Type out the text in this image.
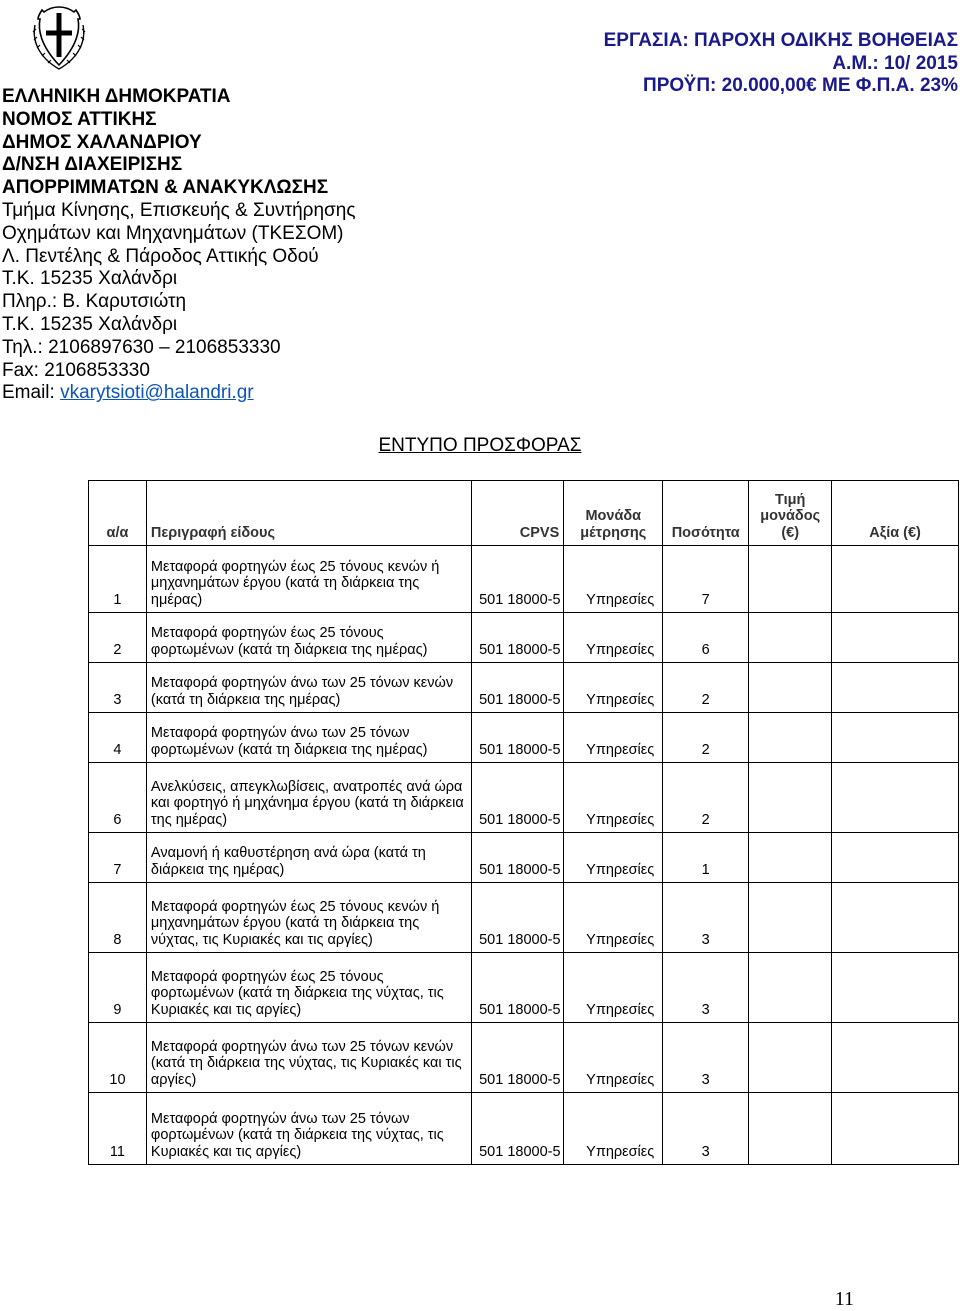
ΕΛΛΗΝΙΚΗ ΔΗΜΟΚΡΑΤΙΑ
ΝΟΜΟΣ ΑΤΤΙΚΗΣ
ΔΗΜΟΣ ΧΑΛΑΝΔΡΙΟΥ
Δ/ΝΣΗ ΔΙΑΧΕΙΡΙΣΗΣ
ΑΠΟΡΡΙΜΜΑΤΩΝ & ΑΝΑΚΥΚΛΩΣΗΣ
Τμήμα Κίνησης, Επισκευής & Συντήρησης
Οχημάτων και Μηχανημάτων (ΤΚΕΣΟΜ)
Λ. Πεντέλης & Πάροδος Αττικής Οδού
Τ.Κ. 15235 Χαλάνδρι
Πληρ.: Β. Καρυτσιώτη
Τ.Κ. 15235 Χαλάνδρι
Τηλ.: 2106897630 – 2106853330
Fax: 2106853330
Email: vkarytsioti@halandri.gr
ΕΡΓΑΣΙΑ: ΠΑΡΟΧΗ ΟΔΙΚΗΣ ΒΟΗΘΕΙΑΣ
Α.Μ.: 10/ 2015
ΠΡΟΫΠ: 20.000,00€ ΜΕ Φ.Π.Α. 23%
ΕΝΤΥΠΟ ΠΡΟΣΦΟΡΑΣ
α/α	Περιγραφή είδους	CPVS	Μονάδα μέτρησης	Ποσότητα	Τιμή μονάδος (€)	Αξία (€)
1	Μεταφορά φορτηγών έως 25 τόνους κενών ή μηχανημάτων έργου (κατά τη διάρκεια της ημέρας)	501 18000-5	Υπηρεσίες	7		
2	Μεταφορά φορτηγών έως 25 τόνους φορτωμένων (κατά τη διάρκεια της ημέρας)	501 18000-5	Υπηρεσίες	6		
3	Μεταφορά φορτηγών άνω των 25 τόνων κενών (κατά τη διάρκεια της ημέρας)	501 18000-5	Υπηρεσίες	2		
4	Μεταφορά φορτηγών άνω των 25 τόνων φορτωμένων (κατά τη διάρκεια της ημέρας)	501 18000-5	Υπηρεσίες	2		
6	Ανελκύσεις, απεγκλωβίσεις, ανατροπές ανά ώρα και φορτηγό ή μηχάνημα έργου (κατά τη διάρκεια της ημέρας)	501 18000-5	Υπηρεσίες	2		
7	Αναμονή ή καθυστέρηση ανά ώρα (κατά τη διάρκεια της ημέρας)	501 18000-5	Υπηρεσίες	1		
8	Μεταφορά φορτηγών έως 25 τόνους κενών ή μηχανημάτων έργου (κατά τη διάρκεια της νύχτας, τις Κυριακές και τις αργίες)	501 18000-5	Υπηρεσίες	3		
9	Μεταφορά φορτηγών έως 25 τόνους φορτωμένων (κατά τη διάρκεια της νύχτας, τις Κυριακές και τις αργίες)	501 18000-5	Υπηρεσίες	3		
10	Μεταφορά φορτηγών άνω των 25 τόνων κενών (κατά τη διάρκεια της νύχτας, τις Κυριακές και τις αργίες)	501 18000-5	Υπηρεσίες	3		
11	Μεταφορά φορτηγών άνω των 25 τόνων φορτωμένων (κατά τη διάρκεια της νύχτας, τις Κυριακές και τις αργίες)	501 18000-5	Υπηρεσίες	3		
11
